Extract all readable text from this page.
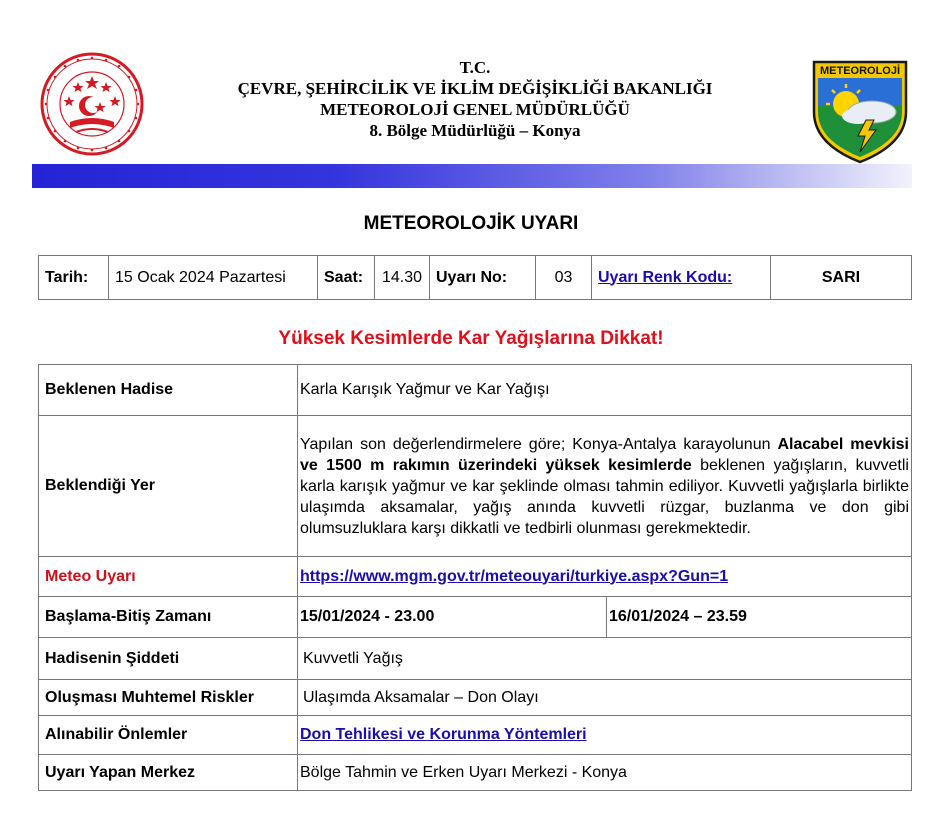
T.C.
ÇEVRE, ŞEHİRCİLİK VE İKLİM DEĞİŞİKLİĞİ BAKANLIĞI
METEOROLOJİ GENEL MÜDÜRLÜĞÜ
8. Bölge Müdürlüğü – Konya
METEOROLOJİ
METEOROLOJİK UYARI
Tarih:	15 Ocak 2024 Pazartesi	Saat:	14.30	Uyarı No:	03	Uyarı Renk Kodu:	SARI
Yüksek Kesimlerde Kar Yağışlarına Dikkat!
Beklenen Hadise	Karla Karışık Yağmur ve Kar Yağışı	
Beklendiği Yer	Yapılan son değerlendirmelere göre; Konya-Antalya karayolunun Alacabel mevkisi ve 1500 m rakımın üzerindeki yüksek kesimlerde beklenen yağışların, kuvvetli karla karışık yağmur ve kar şeklinde olması tahmin ediliyor. Kuvvetli yağışlarla birlikte ulaşımda aksamalar, yağış anında kuvvetli rüzgar, buzlanma ve don gibi olumsuzluklara karşı dikkatli ve tedbirli olunması gerekmektedir.	
Meteo Uyarı	https://www.mgm.gov.tr/meteouyari/turkiye.aspx?Gun=1	
Başlama-Bitiş Zamanı	15/01/2024 - 23.00	16/01/2024 – 23.59
Hadisenin Şiddeti	Kuvvetli Yağış	
Oluşması Muhtemel Riskler	Ulaşımda Aksamalar – Don Olayı	
Alınabilir Önlemler	Don Tehlikesi ve Korunma Yöntemleri	
Uyarı Yapan Merkez	Bölge Tahmin ve Erken Uyarı Merkezi - Konya	
